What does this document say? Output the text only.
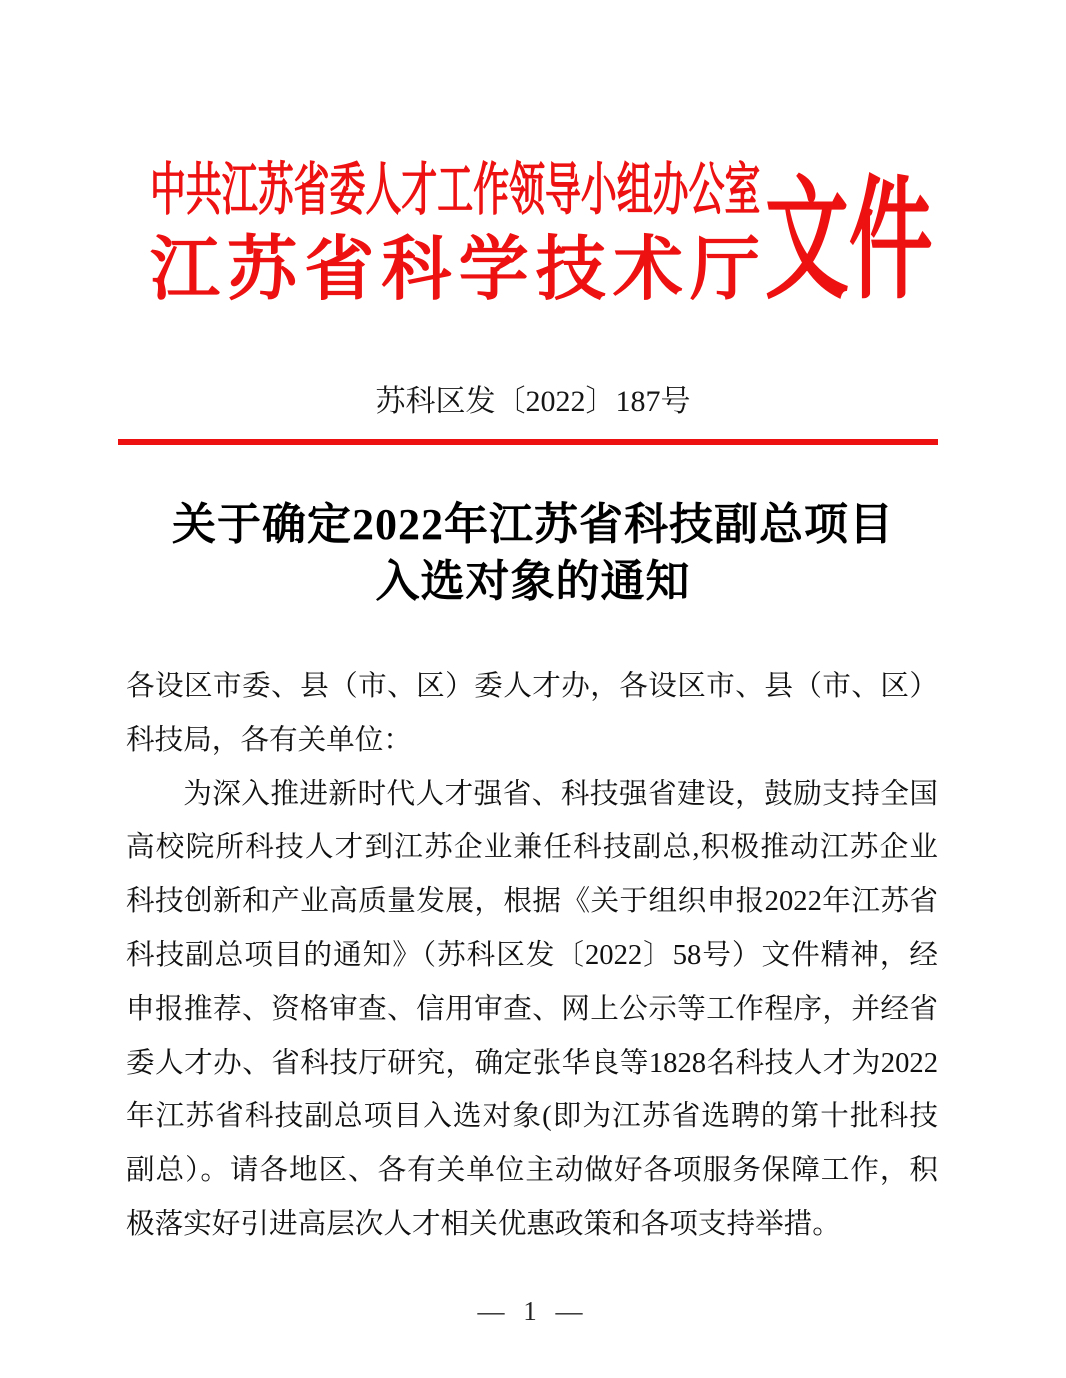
中共江苏省委人才工作领导小组办公室
江 苏 省 科 学 技 术 厅 文件
苏科区发〔2022〕187号
关于确定2022年江苏省科技副总项目
入选对象的通知
各设区市委、县（市、区）委人才办，各设区市、县（市、区）
科技局，各有关单位：
为深入推进新时代人才强省、科技强省建设，鼓励支持全国
高校院所科技人才到江苏企业兼任科技副总,积极推动江苏企业
科技创新和产业高质量发展，根据《关于组织申报2022年江苏省
科技副总项目的通知》（苏科区发〔2022〕58号）文件精神，经
申报推荐、资格审查、信用审查、网上公示等工作程序，并经省
委人才办、省科技厅研究，确定张华良等1828名科技人才为2022
年江苏省科技副总项目入选对象(即为江苏省选聘的第十批科技
副总）。请各地区、各有关单位主动做好各项服务保障工作，积
极落实好引进高层次人才相关优惠政策和各项支持举措。
— 1 —
